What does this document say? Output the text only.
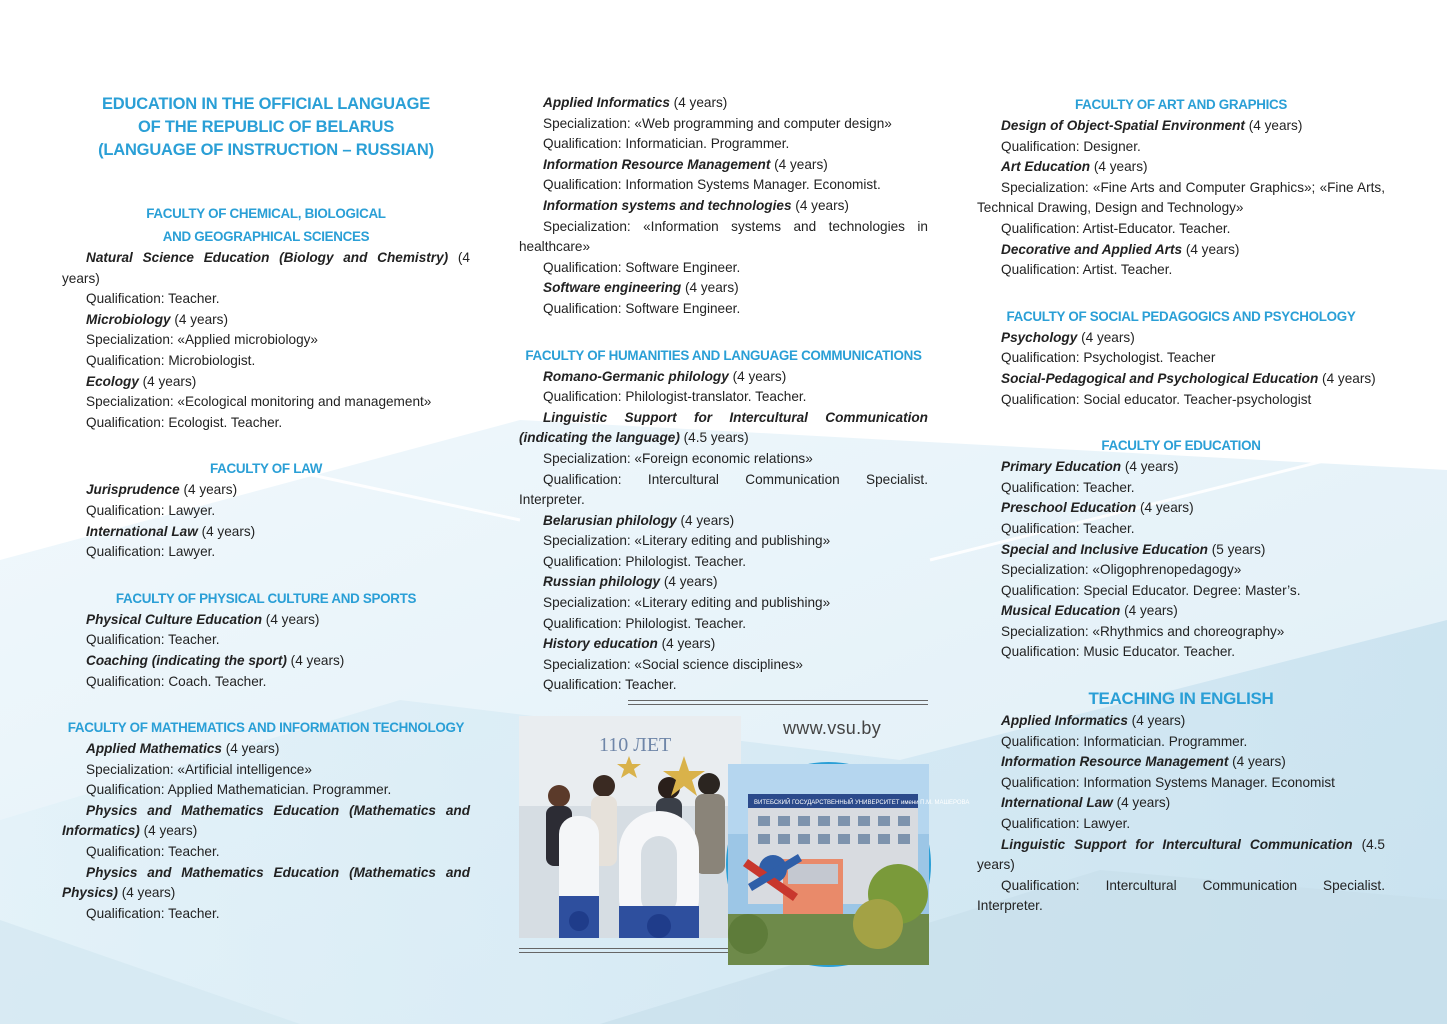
EDUCATION IN THE OFFICIAL LANGUAGE
OF THE REPUBLIC OF BELARUS
(LANGUAGE OF INSTRUCTION – RUSSIAN)
FACULTY OF CHEMICAL, BIOLOGICAL
AND GEOGRAPHICAL SCIENCES

Natural Science Education (Biology and Chemistry) (4 years)

Qualification: Teacher.

Microbiology (4 years)

Specialization: «Applied microbiology»

Qualification: Microbiologist.

Ecology (4 years)

Specialization: «Ecological monitoring and management»

Qualification: Ecologist. Teacher.

FACULTY OF LAW

Jurisprudence (4 years)

Qualification: Lawyer.

International Law (4 years)

Qualification: Lawyer.

FACULTY OF PHYSICAL CULTURE AND SPORTS

Physical Culture Education (4 years)

Qualification: Teacher.

Coaching (indicating the sport) (4 years)

Qualification: Coach. Teacher.

FACULTY OF MATHEMATICS AND INFORMATION TECHNOLOGY

Applied Mathematics (4 years)

Specialization: «Artificial intelligence»

Qualification: Applied Mathematician. Programmer.

Physics and Mathematics Education (Mathematics and Informatics) (4 years)

Qualification: Teacher.

Physics and Mathematics Education (Mathematics and Physics) (4 years)

Qualification: Teacher.

Applied Informatics (4 years)

Specialization: «Web programming and computer design»

Qualification: Informatician. Programmer.

Information Resource Management (4 years)

Qualification: Information Systems Manager. Economist.

Information systems and technologies (4 years)

Specialization: «Information systems and technologies in healthcare»

Qualification: Software Engineer.

Software engineering (4 years)

Qualification: Software Engineer.

FACULTY OF HUMANITIES AND LANGUAGE COMMUNICATIONS

Romano-Germanic philology (4 years)

Qualification: Philologist-translator. Teacher.

Linguistic Support for Intercultural Communication (indicating the language) (4.5 years)

Specialization: «Foreign economic relations»

Qualification: Intercultural Communication Specialist. Interpreter.

Belarusian philology (4 years)

Specialization: «Literary editing and publishing»

Qualification: Philologist. Teacher.

Russian philology (4 years)

Specialization: «Literary editing and publishing»

Qualification: Philologist. Teacher.

History education (4 years)

Specialization: «Social science disciplines»

Qualification: Teacher.

FACULTY OF ART AND GRAPHICS

Design of Object-Spatial Environment (4 years)

Qualification: Designer.

Art Education (4 years)

Specialization: «Fine Arts and Computer Graphics»; «Fine Arts, Technical Drawing, Design and Technology»

Qualification: Artist-Educator. Teacher.

Decorative and Applied Arts (4 years)

Qualification: Artist. Teacher.

FACULTY OF SOCIAL PEDAGOGICS AND PSYCHOLOGY

Psychology (4 years)

Qualification: Psychologist. Teacher

Social-Pedagogical and Psychological Education (4 years)

Qualification: Social educator. Teacher-psychologist

FACULTY OF EDUCATION

Primary Education (4 years)

Qualification: Teacher.

Preschool Education (4 years)

Qualification: Teacher.

Special and Inclusive Education (5 years)

Specialization: «Oligophrenopedagogy»

Qualification: Special Educator. Degree: Master’s.

Musical Education (4 years)

Specialization: «Rhythmics and choreography»

Qualification: Music Educator. Teacher.

TEACHING IN ENGLISH

Applied Informatics (4 years)

Qualification: Informatician. Programmer.

Information Resource Management (4 years)

Qualification: Information Systems Manager. Economist

International Law (4 years)

Qualification: Lawyer.

Linguistic Support for Intercultural Communication (4.5 years)

Qualification: Intercultural Communication Specialist. Interpreter.

www.vsu.by
110 ЛЕТ
ВИТЕБСКИЙ ГОСУДАРСТВЕННЫЙ УНИВЕРСИТЕТ имени П.М. МАШЕРОВА
